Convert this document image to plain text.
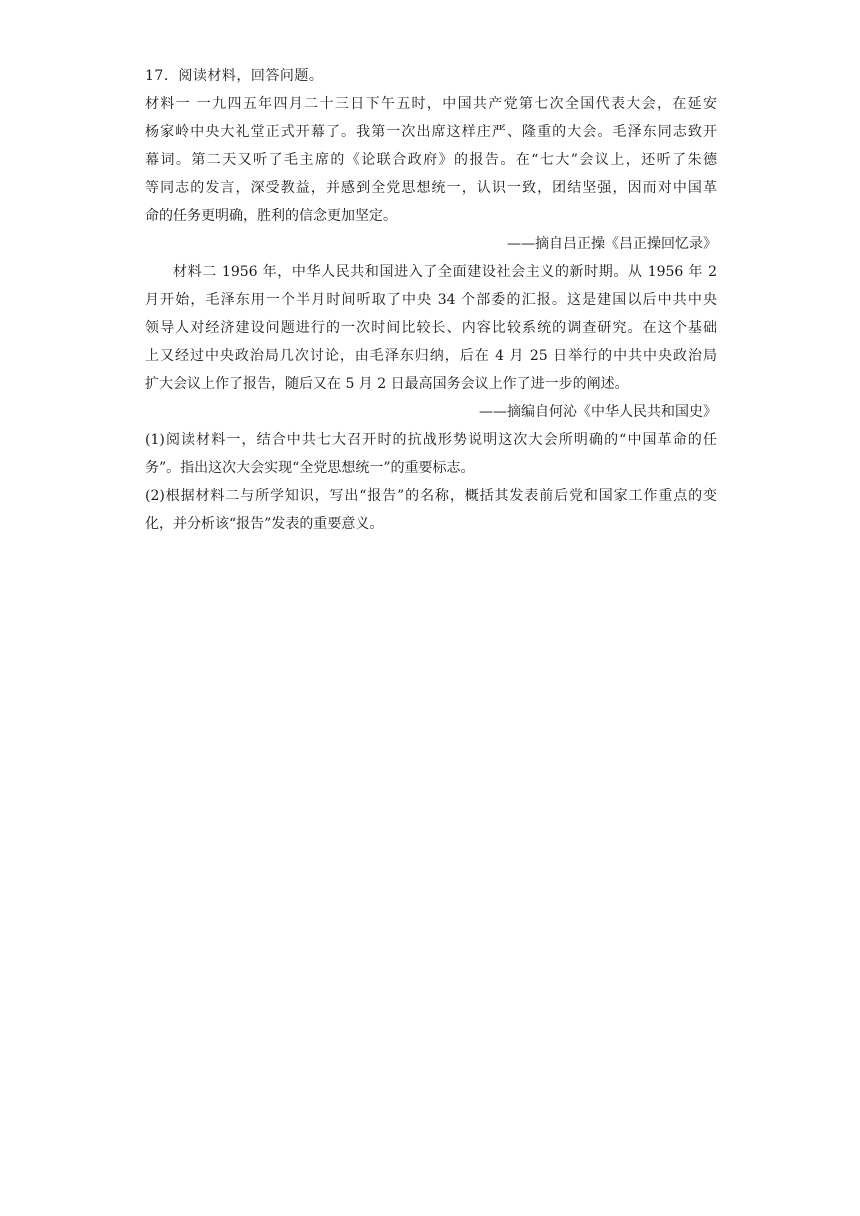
17．阅读材料，回答问题。
材料一 一九四五年四月二十三日下午五时，中国共产党第七次全国代表大会，在延安
杨家岭中央大礼堂正式开幕了。我第一次出席这样庄严、隆重的大会。毛泽东同志致开
幕词。第二天又听了毛主席的《论联合政府》的报告。在“七大”会议上，还听了朱德
等同志的发言，深受教益，并感到全党思想统一，认识一致，团结坚强，因而对中国革
命的任务更明确，胜利的信念更加坚定。
——摘自吕正操《吕正操回忆录》
材料二 1956 年，中华人民共和国进入了全面建设社会主义的新时期。从 1956 年 2
月开始，毛泽东用一个半月时间听取了中央 34 个部委的汇报。这是建国以后中共中央
领导人对经济建设问题进行的一次时间比较长、内容比较系统的调查研究。在这个基础
上又经过中央政治局几次讨论，由毛泽东归纳，后在 4 月 25 日举行的中共中央政治局
扩大会议上作了报告，随后又在 5 月 2 日最高国务会议上作了进一步的阐述。
——摘编自何沁《中华人民共和国史》
(1)阅读材料一，结合中共七大召开时的抗战形势说明这次大会所明确的“中国革命的任
务”。指出这次大会实现“全党思想统一”的重要标志。
(2)根据材料二与所学知识，写出“报告”的名称，概括其发表前后党和国家工作重点的变
化，并分析该“报告”发表的重要意义。
